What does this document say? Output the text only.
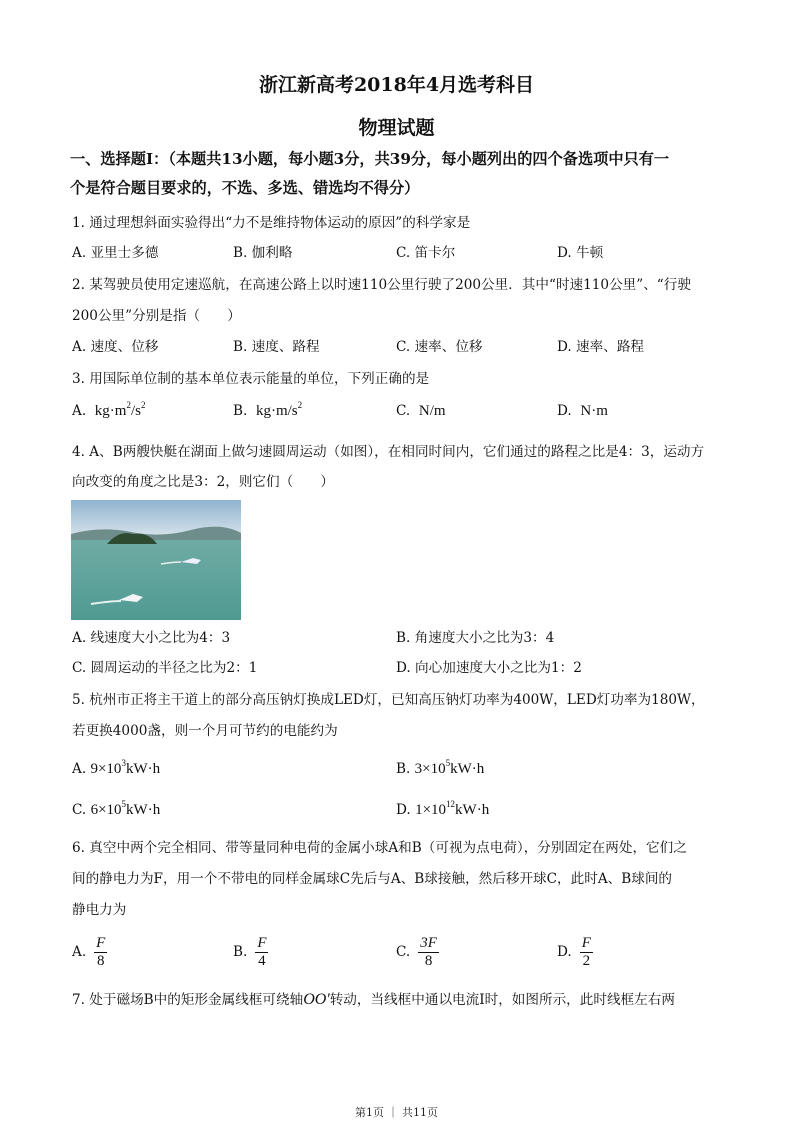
浙江新高考2018年4月选考科目
物理试题
一、选择题Ⅰ：（本题共13小题，每小题3分，共39分，每小题列出的四个备选项中只有一
个是符合题目要求的，不选、多选、错选均不得分）
1. 通过理想斜面实验得出“力不是维持物体运动的原因”的科学家是
A. 亚里士多德	B. 伽利略	C. 笛卡尔	D. 牛顿
2. 某驾驶员使用定速巡航，在高速公路上以时速110公里行驶了200公里．其中“时速110公里”、“行驶
200公里”分别是指（　　）
A. 速度、位移	B. 速度、路程	C. 速率、位移	D. 速率、路程
3. 用国际单位制的基本单位表示能量的单位，下列正确的是
A. $kg\cdot m^2/s^2$	B. $kg\cdot m/s^2$	C. N/m	D. N·m
4. A、B两艘快艇在湖面上做匀速圆周运动（如图），在相同时间内，它们通过的路程之比是4：3，运动方
向改变的角度之比是3：2，则它们（　　）
A. 线速度大小之比为4：3	B. 角速度大小之比为3：4
C. 圆周运动的半径之比为2：1	D. 向心加速度大小之比为1：2
5. 杭州市正将主干道上的部分高压钠灯换成LED灯，已知高压钠灯功率为400W，LED灯功率为180W，
若更换4000盏，则一个月可节约的电能约为
A. $9\times 10^3kW\cdot h$	B. $3\times 10^5kW\cdot h$
C. $6\times 10^5kW\cdot h$	D. $1\times 10^{12}kW\cdot h$
6. 真空中两个完全相同、带等量同种电荷的金属小球A和B（可视为点电荷），分别固定在两处，它们之
间的静电力为F，用一个不带电的同样金属球C先后与A、B球接触，然后移开球C，此时A、B球间的
静电力为
A. $\frac{F}{8}$	B. $\frac{F}{4}$	C. $\frac{3F}{8}$	D. $\frac{F}{2}$
7. 处于磁场B中的矩形金属线框可绕轴OO'转动，当线框中通以电流I时，如图所示，此时线框左右两
第1页 ｜ 共11页
